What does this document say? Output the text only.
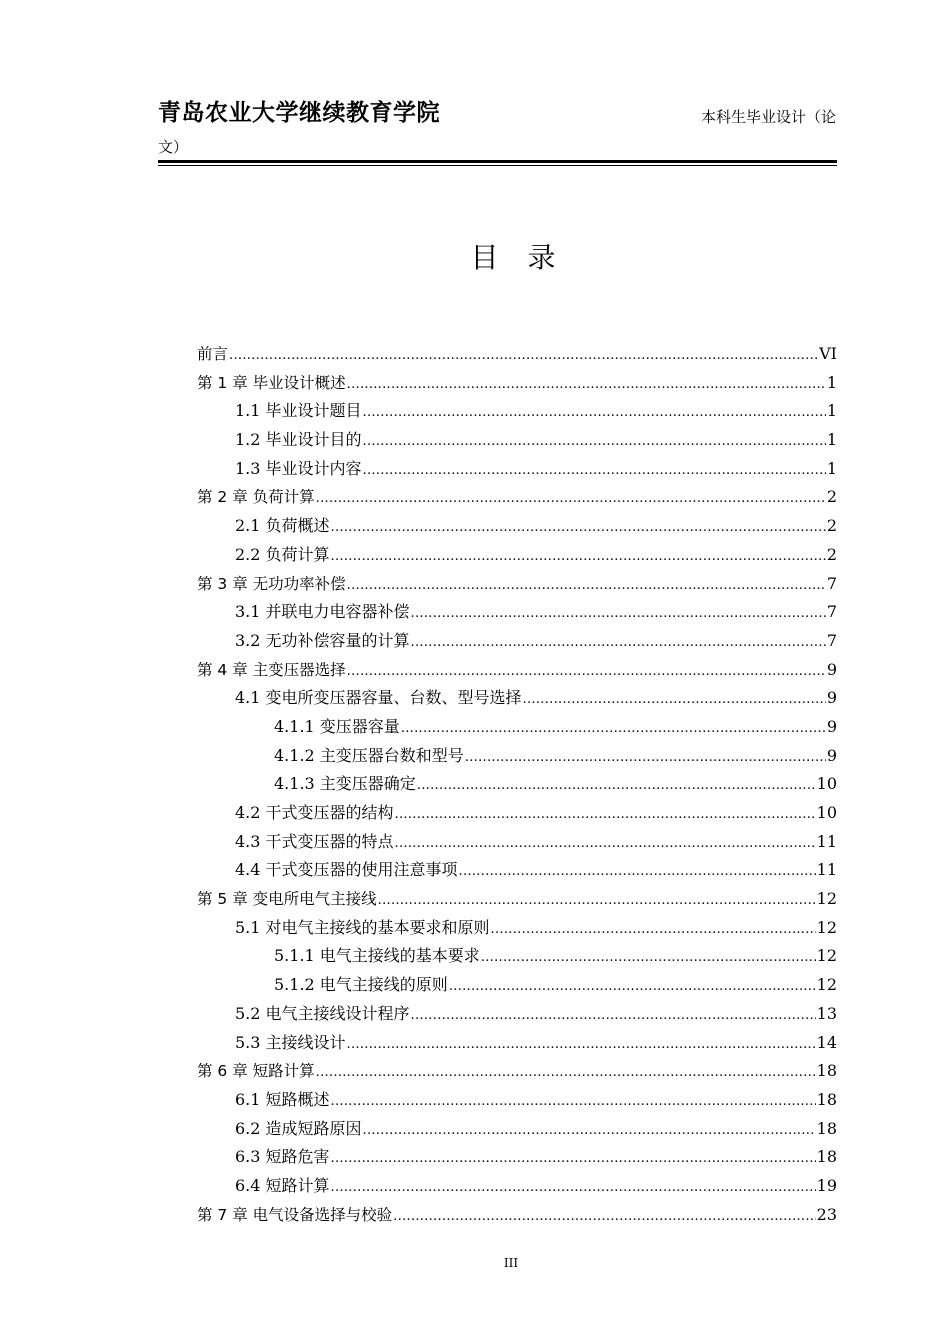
青岛农业大学继续教育学院	本科生毕业设计（论
文）
目 录
前言 .....	VI
第 1 章 毕业设计概述 .....	1
1.1 毕业设计题目 .....	1
1.2 毕业设计目的 .....	1
1.3 毕业设计内容 .....	1
第 2 章 负荷计算 .....	2
2.1 负荷概述 .....	2
2.2 负荷计算 .....	2
第 3 章 无功功率补偿 .....	7
3.1 并联电力电容器补偿 .....	7
3.2 无功补偿容量的计算 .....	7
第 4 章 主变压器选择 .....	9
4.1 变电所变压器容量、台数、型号选择 .....	9
4.1.1 变压器容量 .....	9
4.1.2 主变压器台数和型号 .....	9
4.1.3 主变压器确定 .....	10
4.2 干式变压器的结构 .....	10
4.3 干式变压器的特点 .....	11
4.4 干式变压器的使用注意事项 .....	11
第 5 章 变电所电气主接线 .....	12
5.1 对电气主接线的基本要求和原则 .....	12
5.1.1 电气主接线的基本要求 .....	12
5.1.2 电气主接线的原则 .....	12
5.2 电气主接线设计程序 .....	13
5.3 主接线设计 .....	14
第 6 章 短路计算 .....	18
6.1 短路概述 .....	18
6.2 造成短路原因 .....	18
6.3 短路危害 .....	18
6.4 短路计算 .....	19
第 7 章 电气设备选择与校验 .....	23
III
